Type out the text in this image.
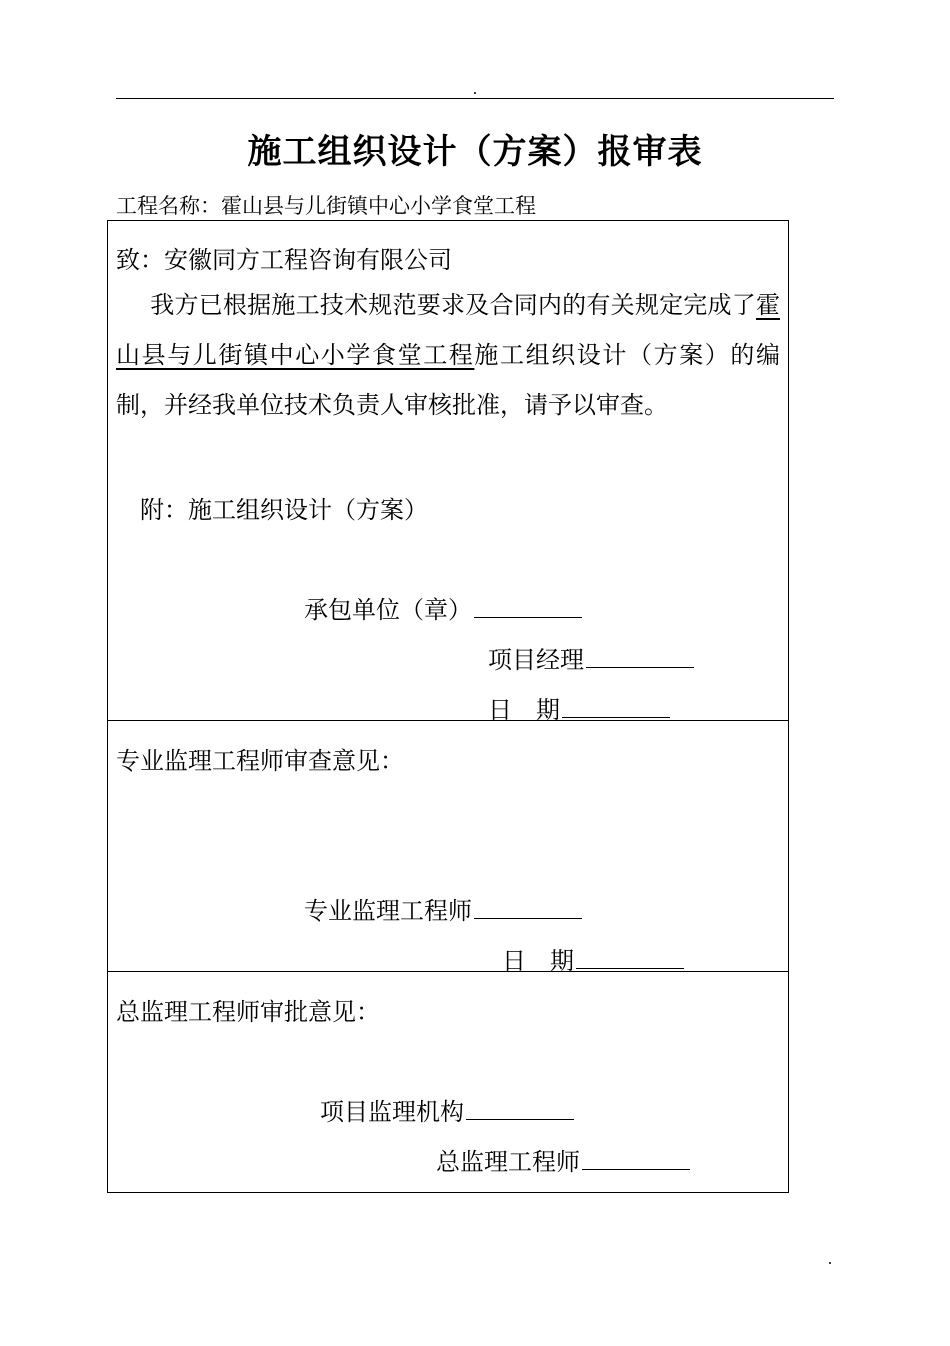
施工组织设计（方案）报审表
工程名称：霍山县与儿街镇中心小学食堂工程
致：安徽同方工程咨询有限公司
我方已根据施工技术规范要求及合同内的有关规定完成了霍山县与儿街镇中心小学食堂工程施工组织设计（方案）的编制，并经我单位技术负责人审核批准，请予以审查。
附：施工组织设计（方案）
承包单位（章）
项目经理
日　期
专业监理工程师审查意见：
专业监理工程师
日　期
总监理工程师审批意见：
项目监理机构
总监理工程师
